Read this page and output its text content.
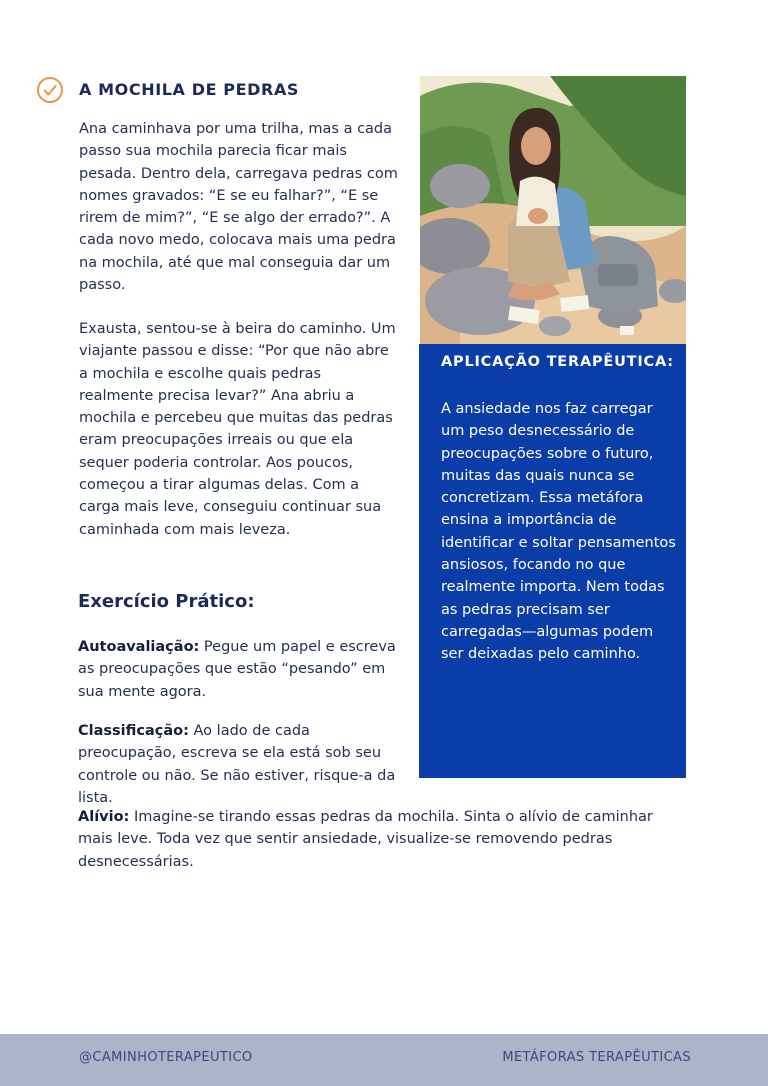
A MOCHILA DE PEDRAS

Ana caminhava por uma trilha, mas a cada passo sua mochila parecia ficar mais pesada. Dentro dela, carregava pedras com nomes gravados: “E se eu falhar?”, “E se rirem de mim?”, “E se algo der errado?”. A cada novo medo, colocava mais uma pedra na mochila, até que mal conseguia dar um passo.

Exausta, sentou-se à beira do caminho. Um viajante passou e disse: “Por que não abre a mochila e escolhe quais pedras realmente precisa levar?” Ana abriu a mochila e percebeu que muitas das pedras eram preocupações irreais ou que ela sequer poderia controlar. Aos poucos, começou a tirar algumas delas. Com a carga mais leve, conseguiu continuar sua caminhada com mais leveza.

APLICAÇÃO TERAPÊUTICA:

A ansiedade nos faz carregar um peso desnecessário de preocupações sobre o futuro, muitas das quais nunca se concretizam. Essa metáfora ensina a importância de identificar e soltar pensamentos ansiosos, focando no que realmente importa. Nem todas as pedras precisam ser carregadas—algumas podem ser deixadas pelo caminho.

Exercício Prático:

Autoavaliação: Pegue um papel e escreva as preocupações que estão “pesando” em sua mente agora.

Classificação: Ao lado de cada preocupação, escreva se ela está sob seu controle ou não. Se não estiver, risque-a da lista.

Alívio: Imagine-se tirando essas pedras da mochila. Sinta o alívio de caminhar mais leve. Toda vez que sentir ansiedade, visualize-se removendo pedras desnecessárias.

@CAMINHOTERAPEUTICO	METÁFORAS TERAPÊUTICAS
